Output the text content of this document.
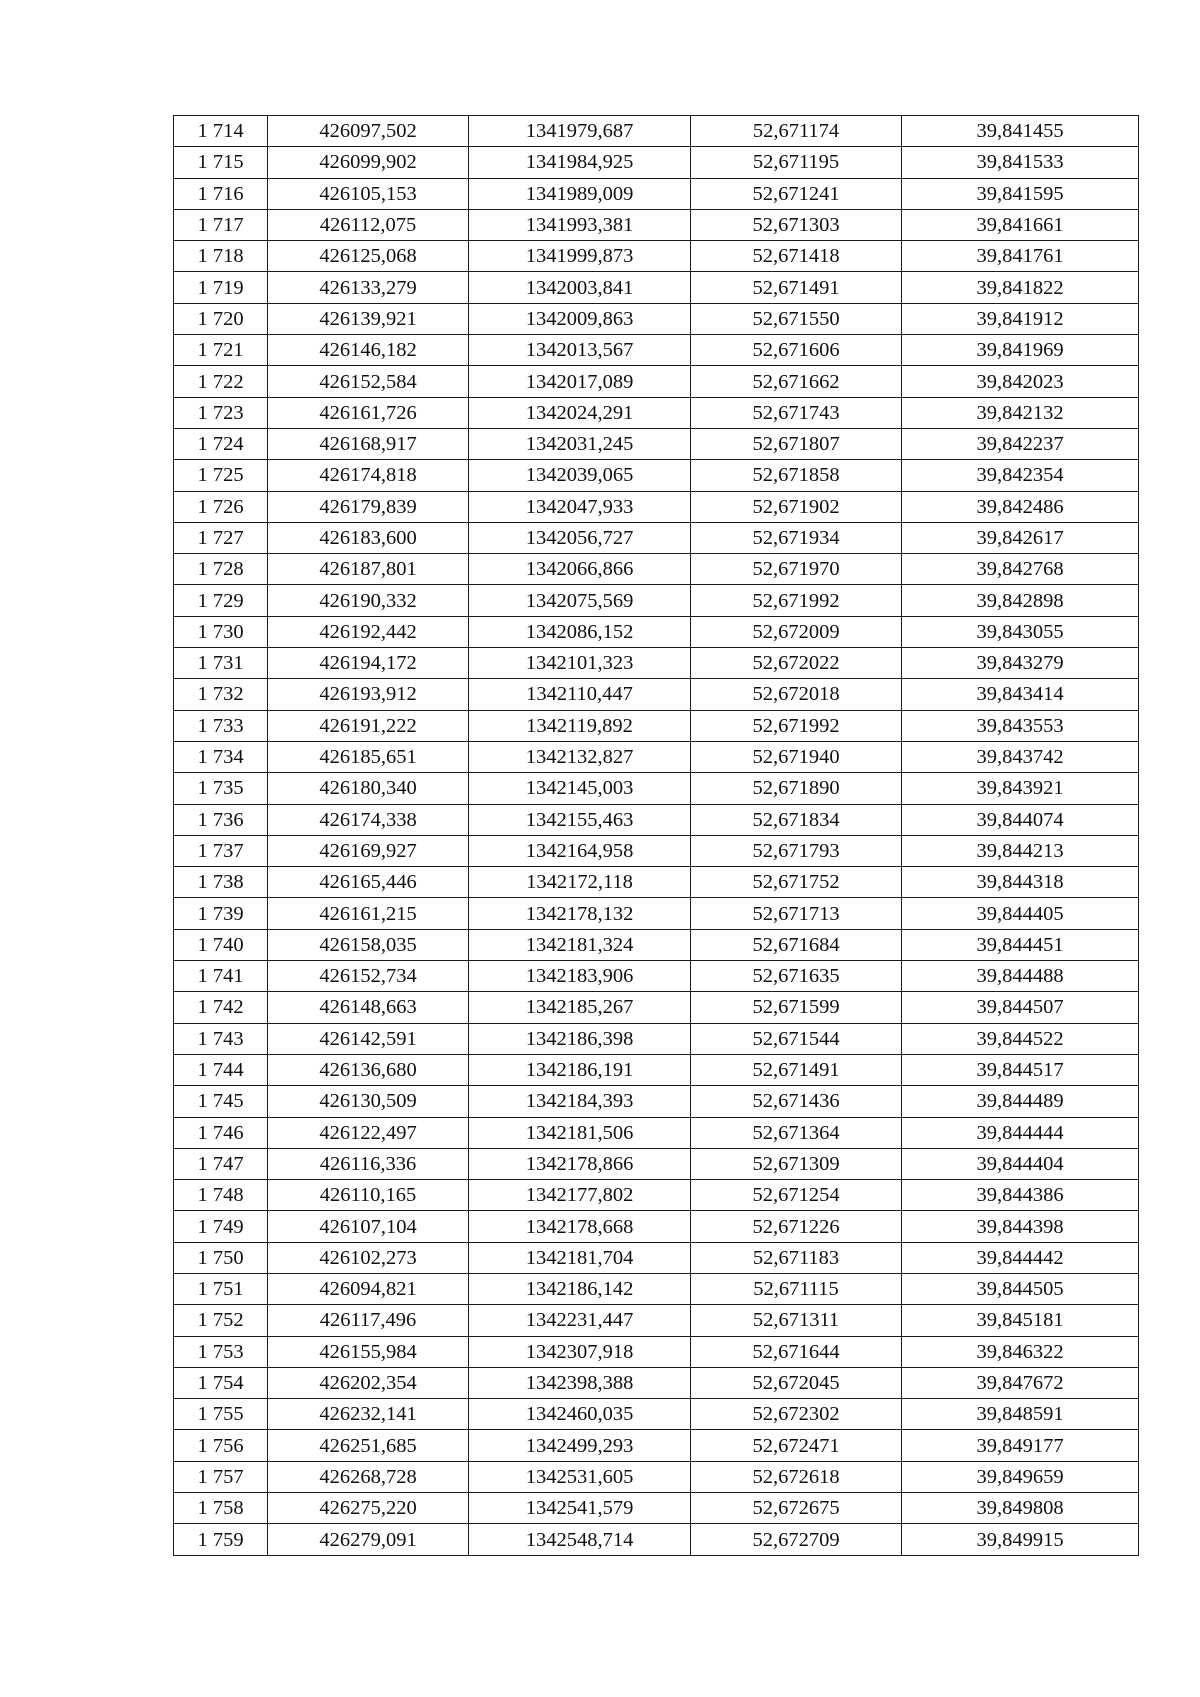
1 714	426097,502	1341979,687	52,671174	39,841455
1 715	426099,902	1341984,925	52,671195	39,841533
1 716	426105,153	1341989,009	52,671241	39,841595
1 717	426112,075	1341993,381	52,671303	39,841661
1 718	426125,068	1341999,873	52,671418	39,841761
1 719	426133,279	1342003,841	52,671491	39,841822
1 720	426139,921	1342009,863	52,671550	39,841912
1 721	426146,182	1342013,567	52,671606	39,841969
1 722	426152,584	1342017,089	52,671662	39,842023
1 723	426161,726	1342024,291	52,671743	39,842132
1 724	426168,917	1342031,245	52,671807	39,842237
1 725	426174,818	1342039,065	52,671858	39,842354
1 726	426179,839	1342047,933	52,671902	39,842486
1 727	426183,600	1342056,727	52,671934	39,842617
1 728	426187,801	1342066,866	52,671970	39,842768
1 729	426190,332	1342075,569	52,671992	39,842898
1 730	426192,442	1342086,152	52,672009	39,843055
1 731	426194,172	1342101,323	52,672022	39,843279
1 732	426193,912	1342110,447	52,672018	39,843414
1 733	426191,222	1342119,892	52,671992	39,843553
1 734	426185,651	1342132,827	52,671940	39,843742
1 735	426180,340	1342145,003	52,671890	39,843921
1 736	426174,338	1342155,463	52,671834	39,844074
1 737	426169,927	1342164,958	52,671793	39,844213
1 738	426165,446	1342172,118	52,671752	39,844318
1 739	426161,215	1342178,132	52,671713	39,844405
1 740	426158,035	1342181,324	52,671684	39,844451
1 741	426152,734	1342183,906	52,671635	39,844488
1 742	426148,663	1342185,267	52,671599	39,844507
1 743	426142,591	1342186,398	52,671544	39,844522
1 744	426136,680	1342186,191	52,671491	39,844517
1 745	426130,509	1342184,393	52,671436	39,844489
1 746	426122,497	1342181,506	52,671364	39,844444
1 747	426116,336	1342178,866	52,671309	39,844404
1 748	426110,165	1342177,802	52,671254	39,844386
1 749	426107,104	1342178,668	52,671226	39,844398
1 750	426102,273	1342181,704	52,671183	39,844442
1 751	426094,821	1342186,142	52,671115	39,844505
1 752	426117,496	1342231,447	52,671311	39,845181
1 753	426155,984	1342307,918	52,671644	39,846322
1 754	426202,354	1342398,388	52,672045	39,847672
1 755	426232,141	1342460,035	52,672302	39,848591
1 756	426251,685	1342499,293	52,672471	39,849177
1 757	426268,728	1342531,605	52,672618	39,849659
1 758	426275,220	1342541,579	52,672675	39,849808
1 759	426279,091	1342548,714	52,672709	39,849915
